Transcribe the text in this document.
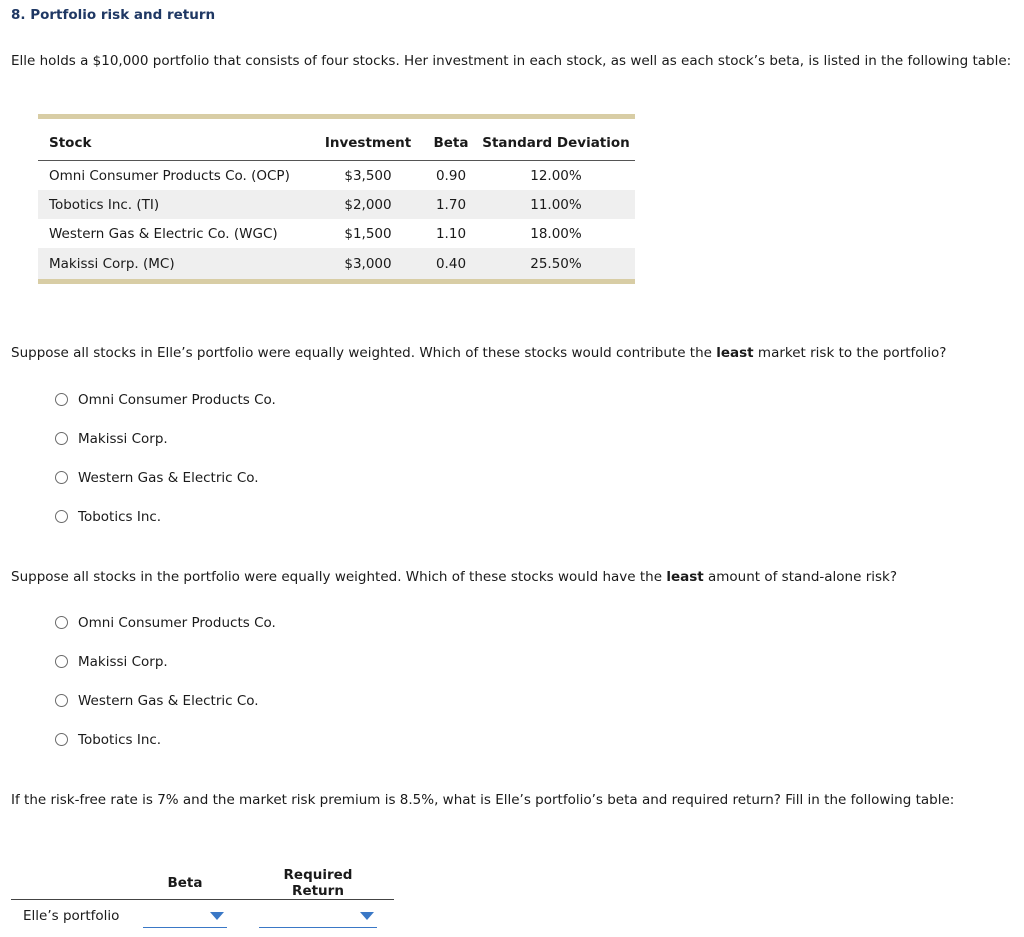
8. Portfolio risk and return
Elle holds a $10,000 portfolio that consists of four stocks. Her investment in each stock, as well as each stock’s beta, is listed in the following table:
Stock	Investment	Beta	Standard Deviation
Omni Consumer Products Co. (OCP)	$3,500	0.90	12.00%
Tobotics Inc. (TI)	$2,000	1.70	11.00%
Western Gas & Electric Co. (WGC)	$1,500	1.10	18.00%
Makissi Corp. (MC)	$3,000	0.40	25.50%
Suppose all stocks in Elle’s portfolio were equally weighted. Which of these stocks would contribute the least market risk to the portfolio?
Omni Consumer Products Co.
Makissi Corp.
Western Gas & Electric Co.
Tobotics Inc.
Suppose all stocks in the portfolio were equally weighted. Which of these stocks would have the least amount of stand-alone risk?
Omni Consumer Products Co.
Makissi Corp.
Western Gas & Electric Co.
Tobotics Inc.
If the risk-free rate is 7% and the market risk premium is 8.5%, what is Elle’s portfolio’s beta and required return? Fill in the following table:
	Beta		Required Return	
Elle’s portfolio	
